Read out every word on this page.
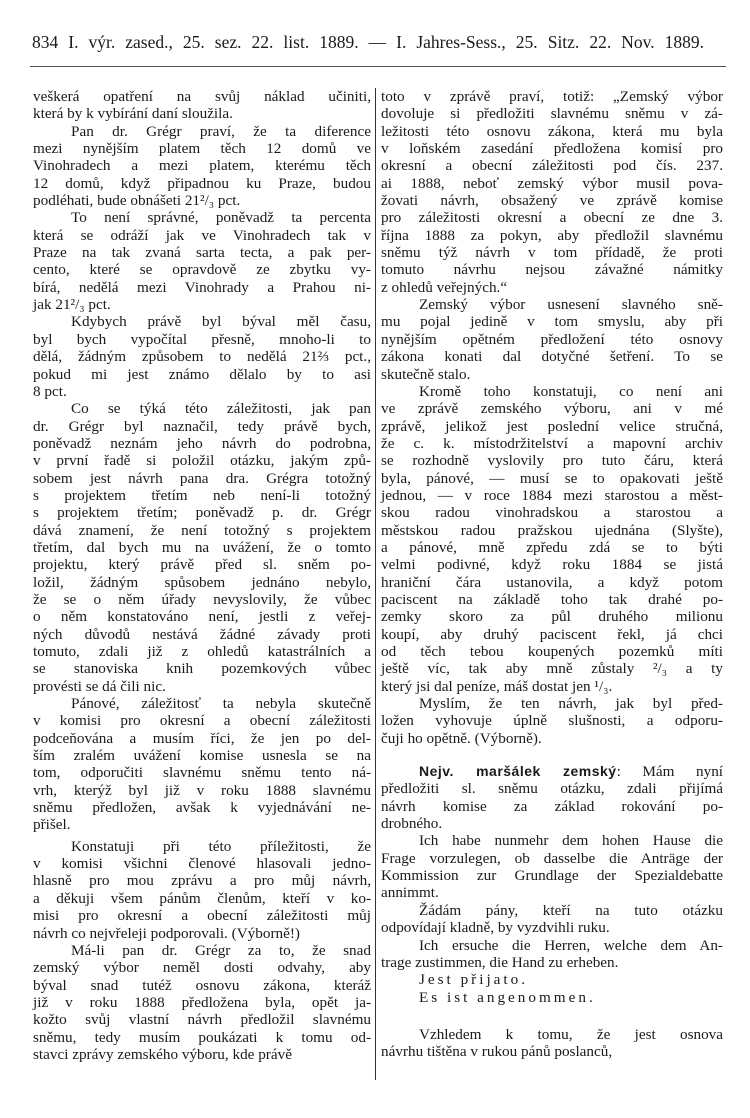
834 I. výr. zased., 25. sez. 22. list. 1889. — I. Jahres-Sess., 25. Sitz. 22. Nov. 1889.
veškerá opatření na svůj náklad učiniti,
která by k vybírání daní sloužila.
Pan dr. Grégr praví, že ta diference
mezi nynějším platem těch 12 domů ve
Vinohradech a mezi platem, kterému těch
12 domů, když připadnou ku Praze, budou
podléhati, bude obnášeti 21²/₃ pct.
To není správné, poněvadž ta percenta
která se odráží jak ve Vinohradech tak v
Praze na tak zvaná sarta tecta, a pak per-
cento, které se opravdově ze zbytku vy-
bírá, nedělá mezi Vinohrady a Prahou ni-
jak 21²/₃ pct.
Kdybych právě byl býval měl času,
byl bych vypočítal přesně, mnoho-li to
dělá, žádným způsobem to nedělá 21⅔ pct.,
pokud mi jest známo dělalo by to asi
8 pct.
Co se týká této záležitosti, jak pan
dr. Grégr byl naznačil, tedy právě bych,
poněvadž neznám jeho návrh do podrobna,
v první řadě si položil otázku, jakým způ-
sobem jest návrh pana dra. Grégra totožný
s projektem třetím neb není-li totožný
s projektem třetím; poněvadž p. dr. Grégr
dává znamení, že není totožný s projektem
třetím, dal bych mu na uvážení, že o tomto
projektu, který právě před sl. sněm po-
ložil, žádným spůsobem jednáno nebylo,
že se o něm úřady nevyslovily, že vůbec
o něm konstatováno není, jestli z veřej-
ných důvodů nestává žádné závady proti
tomuto, zdali již z ohledů katastrálních a
se stanoviska knih pozemkových vůbec
provésti se dá čili nic.
Pánové, záležitosť ta nebyla skutečně
v komisi pro okresní a obecní záležitosti
podceňována a musím říci, že jen po del-
ším zralém uvážení komise usnesla se na
tom, odporučiti slavnému sněmu tento ná-
vrh, kterýž byl již v roku 1888 slavnému
sněmu předložen, avšak k vyjednávání ne-
přišel.
Konstatuji při této příležitosti, že
v komisi všichni členové hlasovali jedno-
hlasně pro mou zprávu a pro můj návrh,
a děkuji všem pánům členům, kteří v ko-
misi pro okresní a obecní záležitosti můj
návrh co nejvřeleji podporovali. (Výborně!)
Má-li pan dr. Grégr za to, že snad
zemský výbor neměl dosti odvahy, aby
býval snad tutéž osnovu zákona, kteráž
již v roku 1888 předložena byla, opět ja-
kožto svůj vlastní návrh předložil slavnému
sněmu, tedy musím poukázati k tomu od-
stavci zprávy zemského výboru, kde právě
toto v zprávě praví, totiž: „Zemský výbor
dovoluje si předložiti slavnému sněmu v zá-
ležitosti této osnovu zákona, která mu byla
v loňském zasedání předložena komisí pro
okresní a obecní záležitosti pod čís. 237.
ai 1888, neboť zemský výbor musil pova-
žovati návrh, obsažený ve zprávě komise
pro záležitosti okresní a obecní ze dne 3.
října 1888 za pokyn, aby předložil slavnému
sněmu týž návrh v tom přídadě, že proti
tomuto návrhu nejsou závažné námitky
z ohledů veřejných.“
Zemský výbor usnesení slavného sně-
mu pojal jedině v tom smyslu, aby při
nynějším opětném předložení této osnovy
zákona konati dal dotyčné šetření. To se
skutečně stalo.
Kromě toho konstatuji, co není ani
ve zprávě zemského výboru, ani v mé
zprávě, jelikož jest poslední velice stručná,
že c. k. místodržitelství a mapovní archiv
se rozhodně vyslovily pro tuto čáru, která
byla, pánové, — musí se to opakovati ještě
jednou, — v roce 1884 mezi starostou a měst-
skou radou vinohradskou a starostou a
městskou radou pražskou ujednána (Slyšte),
a pánové, mně zpředu zdá se to býti
velmi podivné, když roku 1884 se jistá
hraniční čára ustanovila, a když potom
paciscent na základě toho tak drahé po-
zemky skoro za půl druhého milionu
koupí, aby druhý paciscent řekl, já chci
od těch tebou koupených pozemků míti
ještě víc, tak aby mně zůstaly ²/₃ a ty
který jsi dal peníze, máš dostat jen ¹/₃.
Myslím, že ten návrh, jak byl před-
ložen vyhovuje úplně slušnosti, a odporu-
čuji ho opětně. (Výborně).
Nejv. maršálek zemský: Mám nyní
předložiti sl. sněmu otázku, zdali přijímá
návrh komise za základ rokování po-
drobného.
Ich habe nunmehr dem hohen Hause die
Frage vorzulegen, ob dasselbe die Anträge der
Kommission zur Grundlage der Spezialdebatte
annimmt.
Žádám pány, kteří na tuto otázku
odpovídají kladně, by vyzdvihli ruku.
Ich ersuche die Herren, welche dem An-
trage zustimmen, die Hand zu erheben.
Jest přijato.
Es ist angenommen.
Vzhledem k tomu, že jest osnova
návrhu tištěna v rukou pánů poslanců,
